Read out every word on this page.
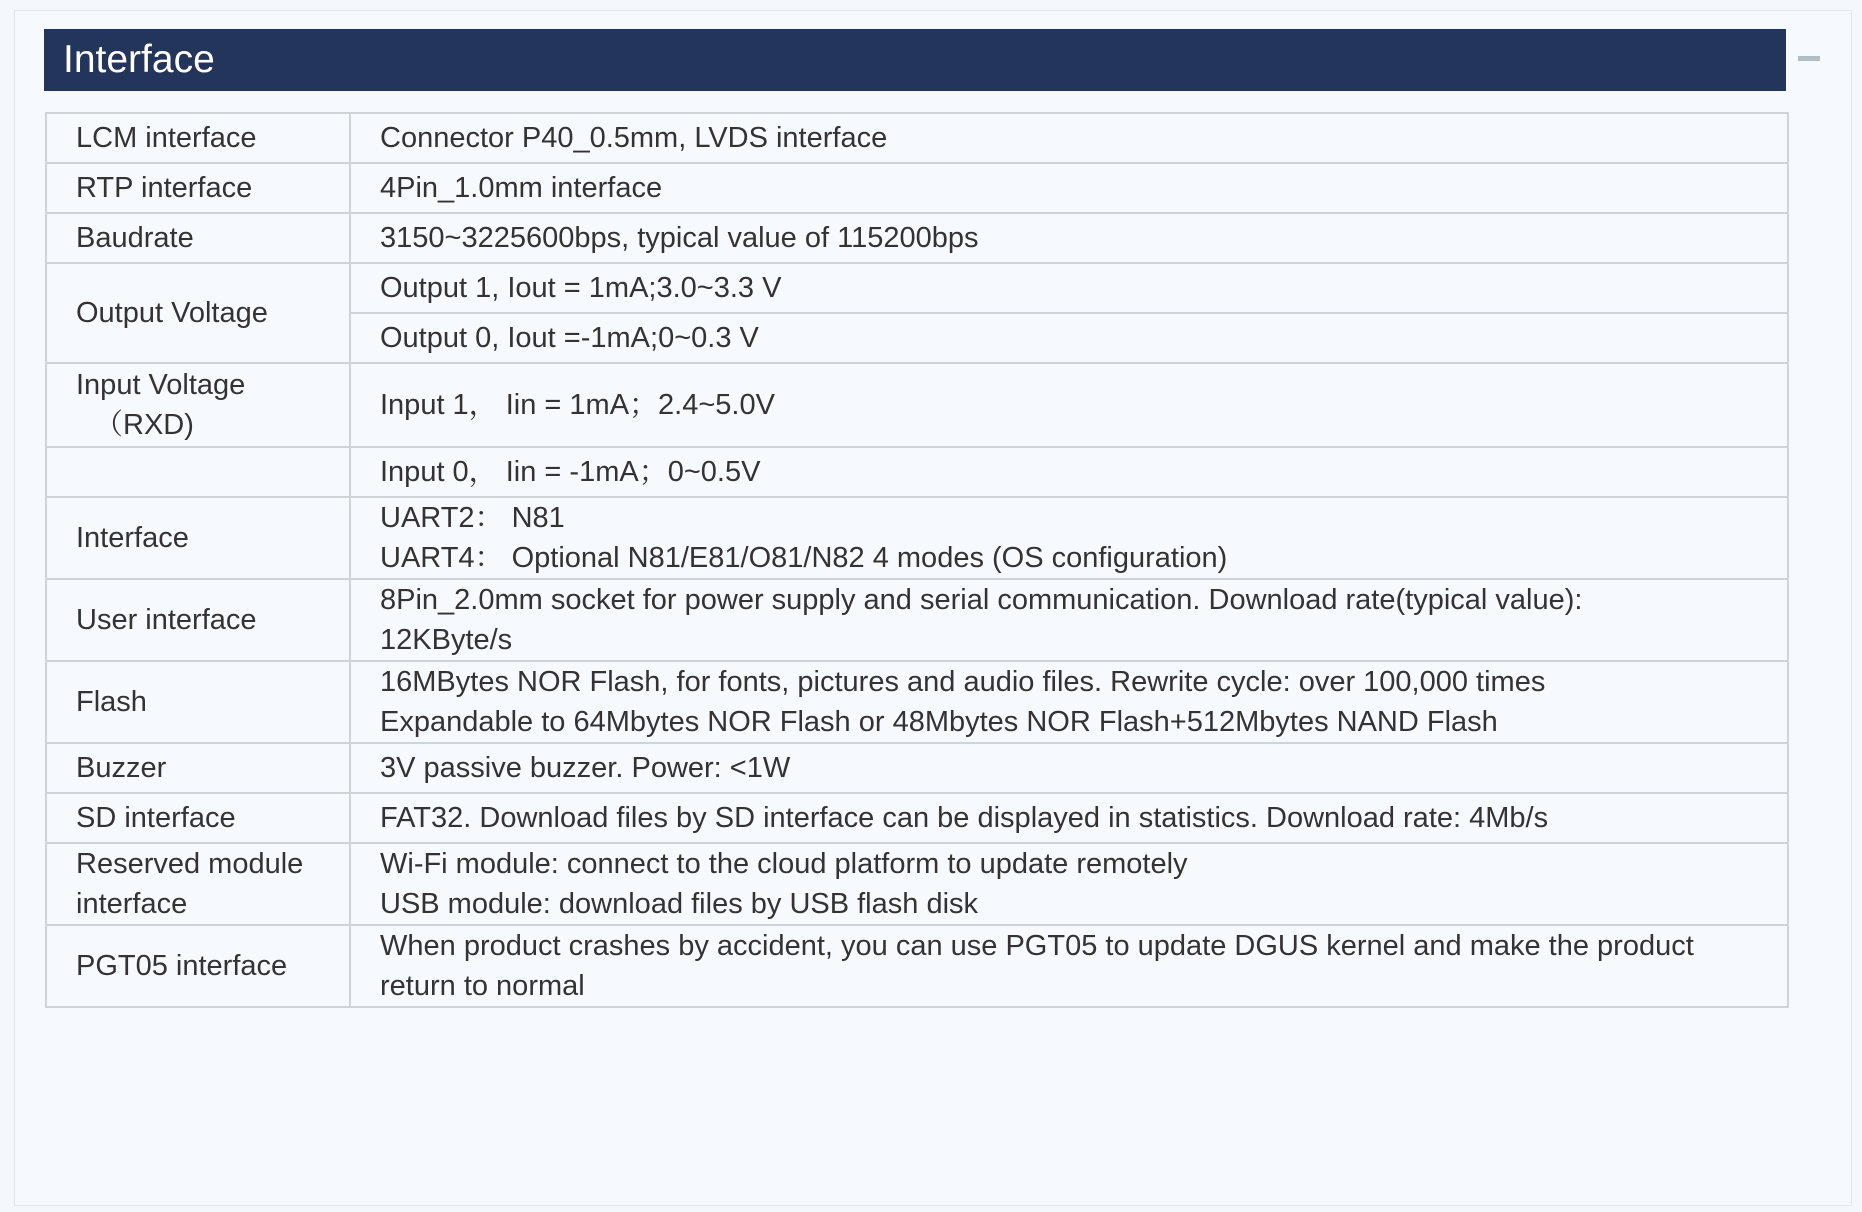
Interface
LCM interface	Connector P40_0.5mm, LVDS interface
RTP interface	4Pin_1.0mm interface
Baudrate	3150~3225600bps, typical value of 115200bps
Output Voltage	Output 1, Iout = 1mA;3.0~3.3 V
	Output 0, Iout =-1mA;0~0.3 V

Input Voltage
（RXD)	Input 1， Iin = 1mA；2.4~5.0V
	Input 0， Iin = -1mA；0~0.5V
Interface	UART2： N81
UART4： Optional N81/E81/O81/N82 4 modes (OS configuration)

User interface	8Pin_2.0mm socket for power supply and serial communication. Download rate(typical value):
12KByte/s

Flash	16MBytes NOR Flash, for fonts, pictures and audio files. Rewrite cycle: over 100,000 times
Expandable to 64Mbytes NOR Flash or 48Mbytes NOR Flash+512Mbytes NAND Flash

Buzzer	3V passive buzzer. Power: <1W
SD interface	FAT32. Download files by SD interface can be displayed in statistics. Download rate: 4Mb/s

Reserved module
interface	Wi-Fi module: connect to the cloud platform to update remotely
USB module: download files by USB flash disk

PGT05 interface	When product crashes by accident, you can use PGT05 to update DGUS kernel and make the product
return to normal
